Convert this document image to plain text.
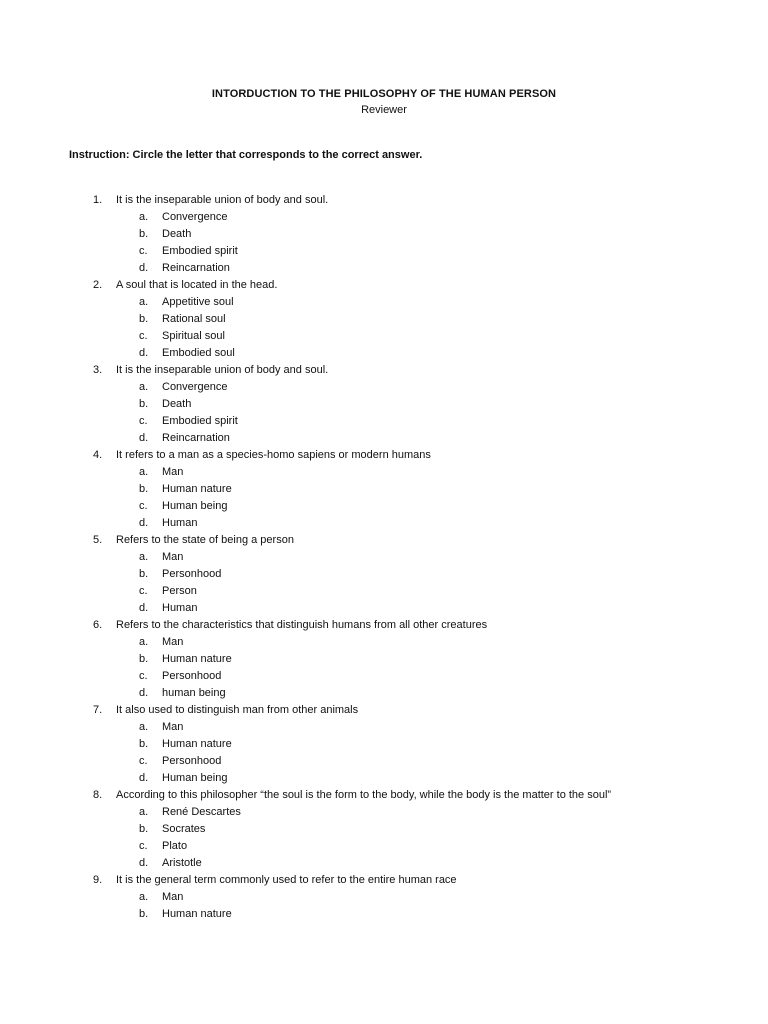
INTORDUCTION TO THE PHILOSOPHY OF THE HUMAN PERSON
Reviewer
Instruction: Circle the letter that corresponds to the correct answer.
1. It is the inseparable union of body and soul.
a. Convergence
b. Death
c. Embodied spirit
d. Reincarnation
2. A soul that is located in the head.
a. Appetitive soul
b. Rational soul
c. Spiritual soul
d. Embodied soul
3. It is the inseparable union of body and soul.
a. Convergence
b. Death
c. Embodied spirit
d. Reincarnation
4. It refers to a man as a species-homo sapiens or modern humans
a. Man
b. Human nature
c. Human being
d. Human
5. Refers to the state of being a person
a. Man
b. Personhood
c. Person
d. Human
6. Refers to the characteristics that distinguish humans from all other creatures
a. Man
b. Human nature
c. Personhood
d. human being
7. It also used to distinguish man from other animals
a. Man
b. Human nature
c. Personhood
d. Human being
8. According to this philosopher “the soul is the form to the body, while the body is the matter to the soul”
a. René Descartes
b. Socrates
c. Plato
d. Aristotle
9. It is the general term commonly used to refer to the entire human race
a. Man
b. Human nature
